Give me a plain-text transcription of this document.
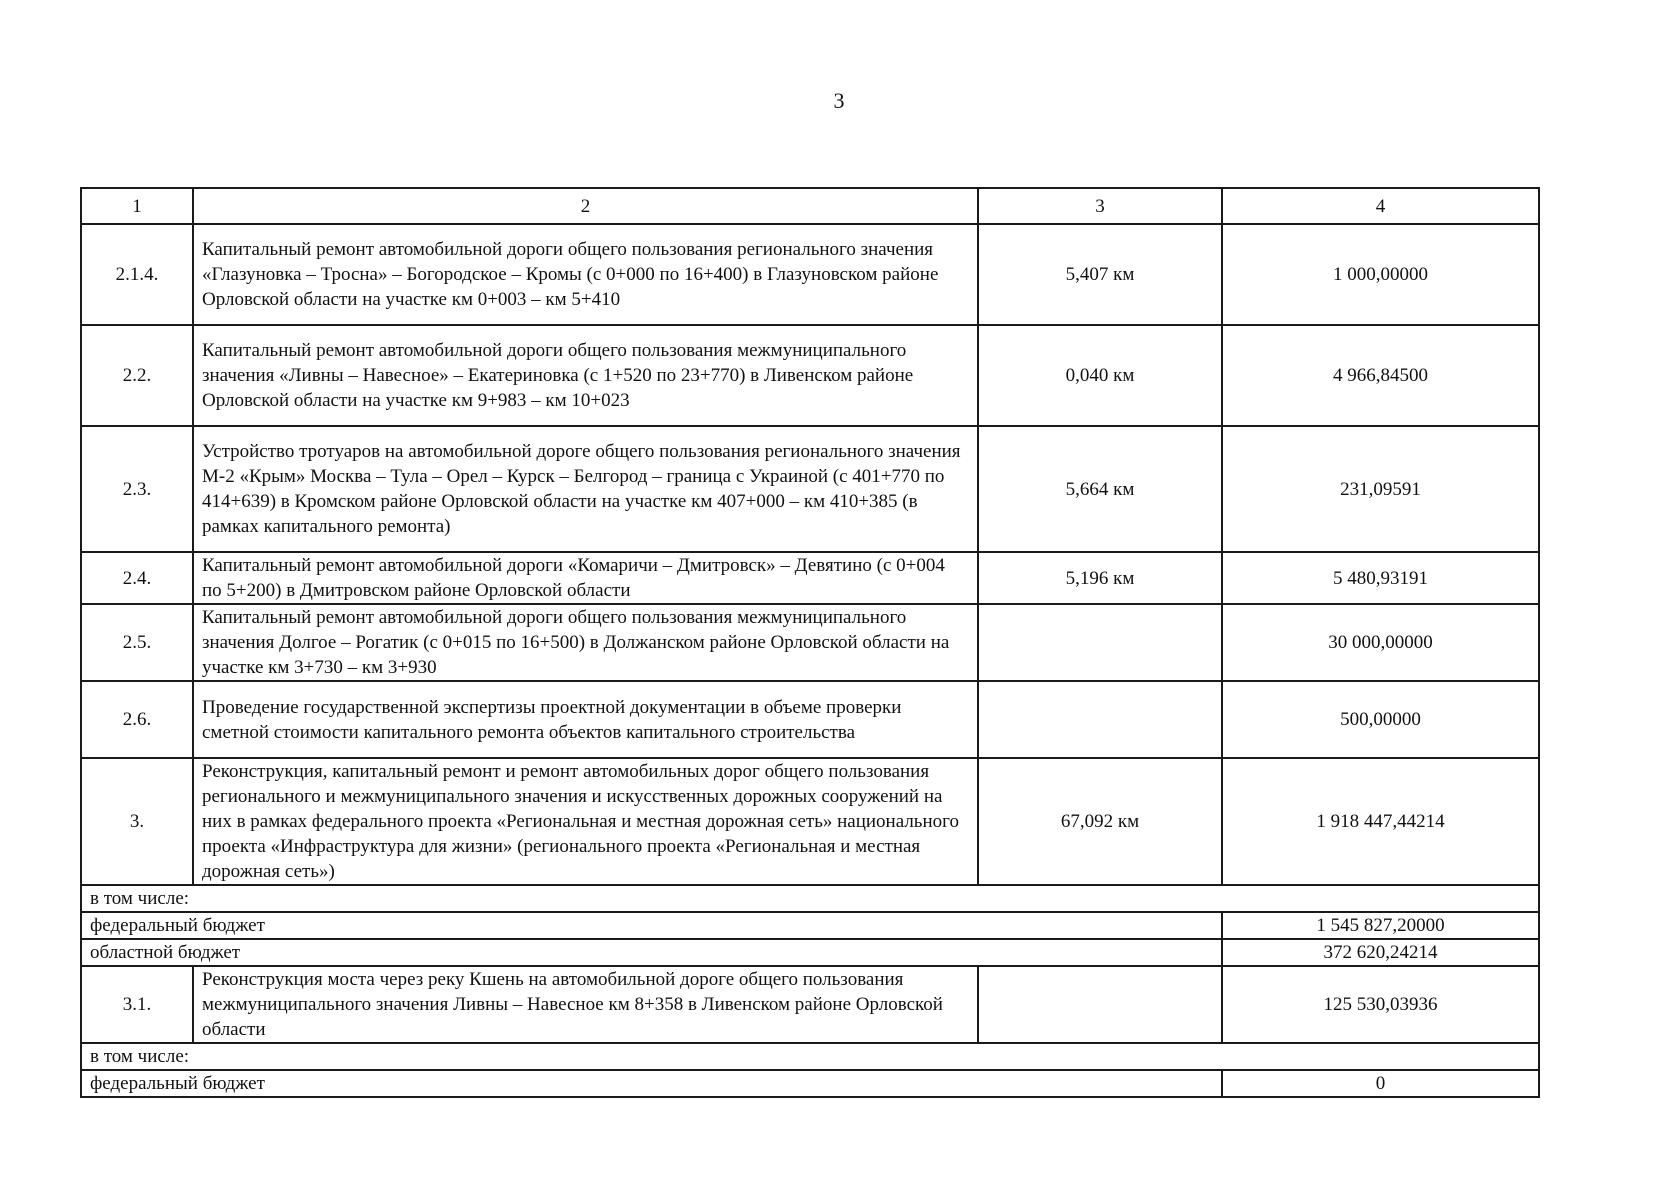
3
1	2	3	4
2.1.4.	Капитальный ремонт автомобильной дороги общего пользования регионального значения «Глазуновка – Тросна» – Богородское – Кромы (с 0+000 по 16+400) в Глазуновском районе Орловской области на участке км 0+003 – км 5+410	5,407 км	1 000,00000
2.2.	Капитальный ремонт автомобильной дороги общего пользования межмуниципального значения «Ливны – Навесное» – Екатериновка (с 1+520 по 23+770) в Ливенском районе Орловской области на участке км 9+983 – км 10+023	0,040 км	4 966,84500
2.3.	Устройство тротуаров на автомобильной дороге общего пользования регионального значения М-2 «Крым» Москва – Тула – Орел – Курск – Белгород – граница с Украиной (с 401+770 по 414+639) в Кромском районе Орловской области на участке км 407+000 – км 410+385 (в рамках капитального ремонта)	5,664 км	231,09591
2.4.	Капитальный ремонт автомобильной дороги «Комаричи – Дмитровск» – Девятино (с 0+004 по 5+200) в Дмитровском районе Орловской области	5,196 км	5 480,93191
2.5.	Капитальный ремонт автомобильной дороги общего пользования межмуниципального значения Долгое – Рогатик (с 0+015 по 16+500) в Должанском районе Орловской области на участке км 3+730 – км 3+930		30 000,00000
2.6.	Проведение государственной экспертизы проектной документации в объеме проверки сметной стоимости капитального ремонта объектов капитального строительства		500,00000
3.	Реконструкция, капитальный ремонт и ремонт автомобильных дорог общего пользования регионального и межмуниципального значения и искусственных дорожных сооружений на них в рамках федерального проекта «Региональная и местная дорожная сеть» национального проекта «Инфраструктура для жизни» (регионального проекта «Региональная и местная дорожная сеть»)	67,092 км	1 918 447,44214
в том числе:			
федеральный бюджет			1 545 827,20000
областной бюджет			372 620,24214
3.1.	Реконструкция моста через реку Кшень на автомобильной дороге общего пользования межмуниципального значения Ливны – Навесное км 8+358 в Ливенском районе Орловской области		125 530,03936
в том числе:			
федеральный бюджет			0
